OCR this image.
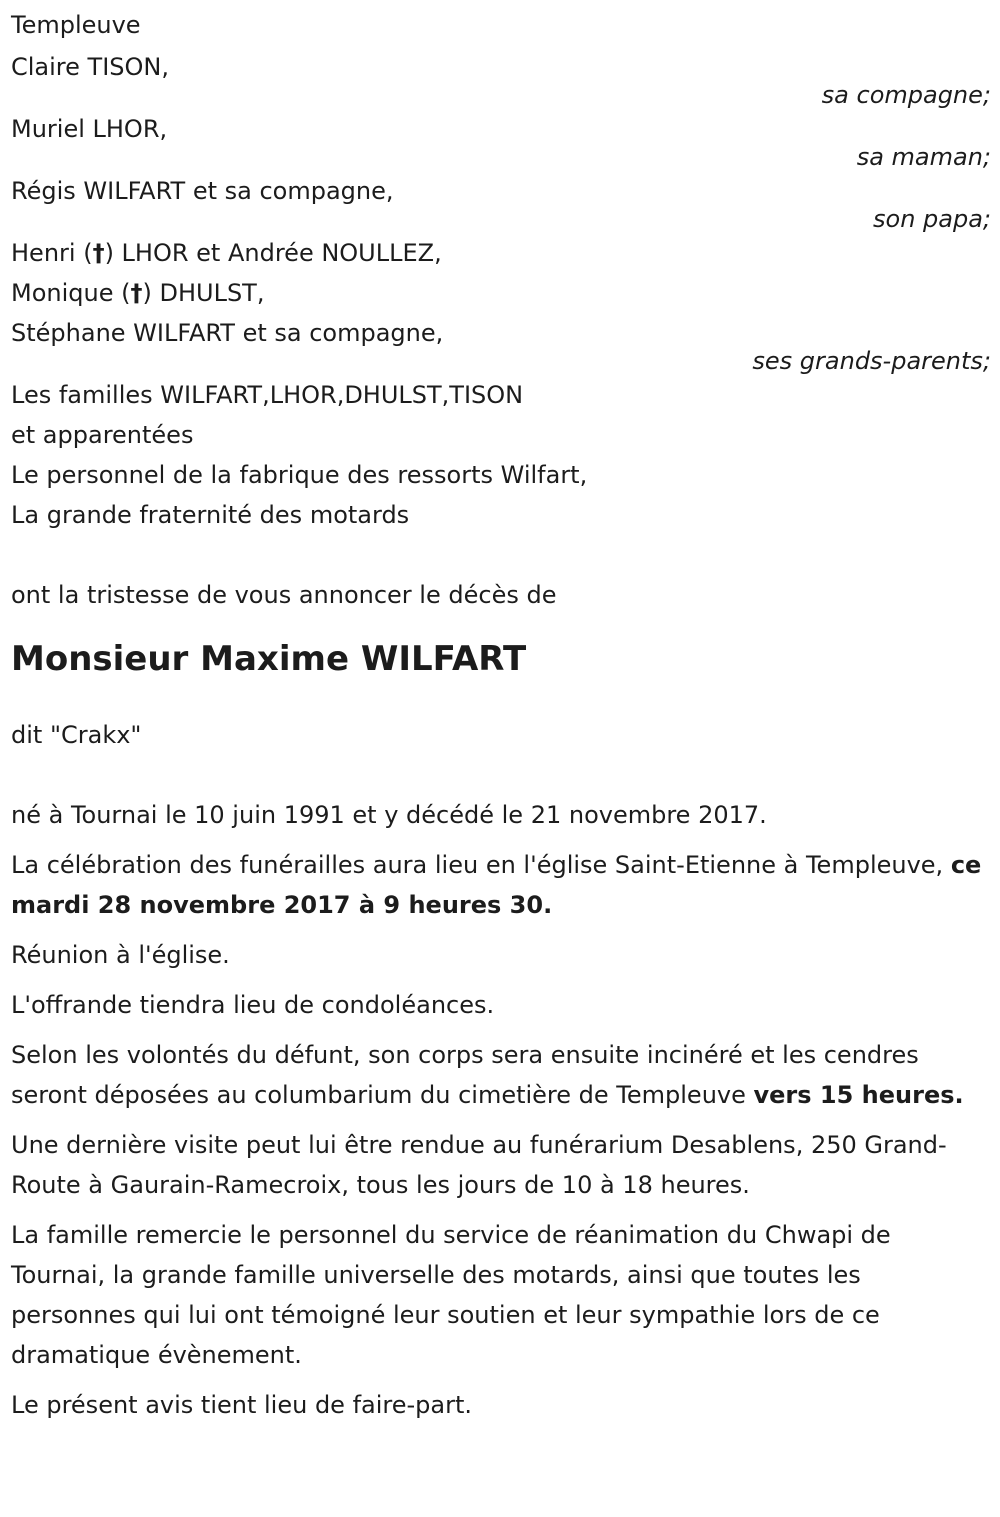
Templeuve
Claire TISON,
sa compagne;
Muriel LHOR,
sa maman;
Régis WILFART et sa compagne,
son papa;
Henri (†) LHOR et Andrée NOULLEZ,
Monique (†) DHULST,
Stéphane WILFART et sa compagne,
ses grands-parents;
Les familles WILFART,LHOR,DHULST,TISON
et apparentées
Le personnel de la fabrique des ressorts Wilfart,
La grande fraternité des motards
ont la tristesse de vous annoncer le décès de
Monsieur Maxime WILFART
dit "Crakx"
né à Tournai le 10 juin 1991 et y décédé le 21 novembre 2017.
La célébration des funérailles aura lieu en l'église Saint-Etienne à Templeuve, ce mardi 28 novembre 2017 à 9 heures 30.
Réunion à l'église.
L'offrande tiendra lieu de condoléances.
Selon les volontés du défunt, son corps sera ensuite incinéré et les cendres seront déposées au columbarium du cimetière de Templeuve vers 15 heures.
Une dernière visite peut lui être rendue au funérarium Desablens, 250 Grand-Route à Gaurain-Ramecroix, tous les jours de 10 à 18 heures.
La famille remercie le personnel du service de réanimation du Chwapi de Tournai, la grande famille universelle des motards, ainsi que toutes les personnes qui lui ont témoigné leur soutien et leur sympathie lors de ce dramatique évènement.
Le présent avis tient lieu de faire-part.
